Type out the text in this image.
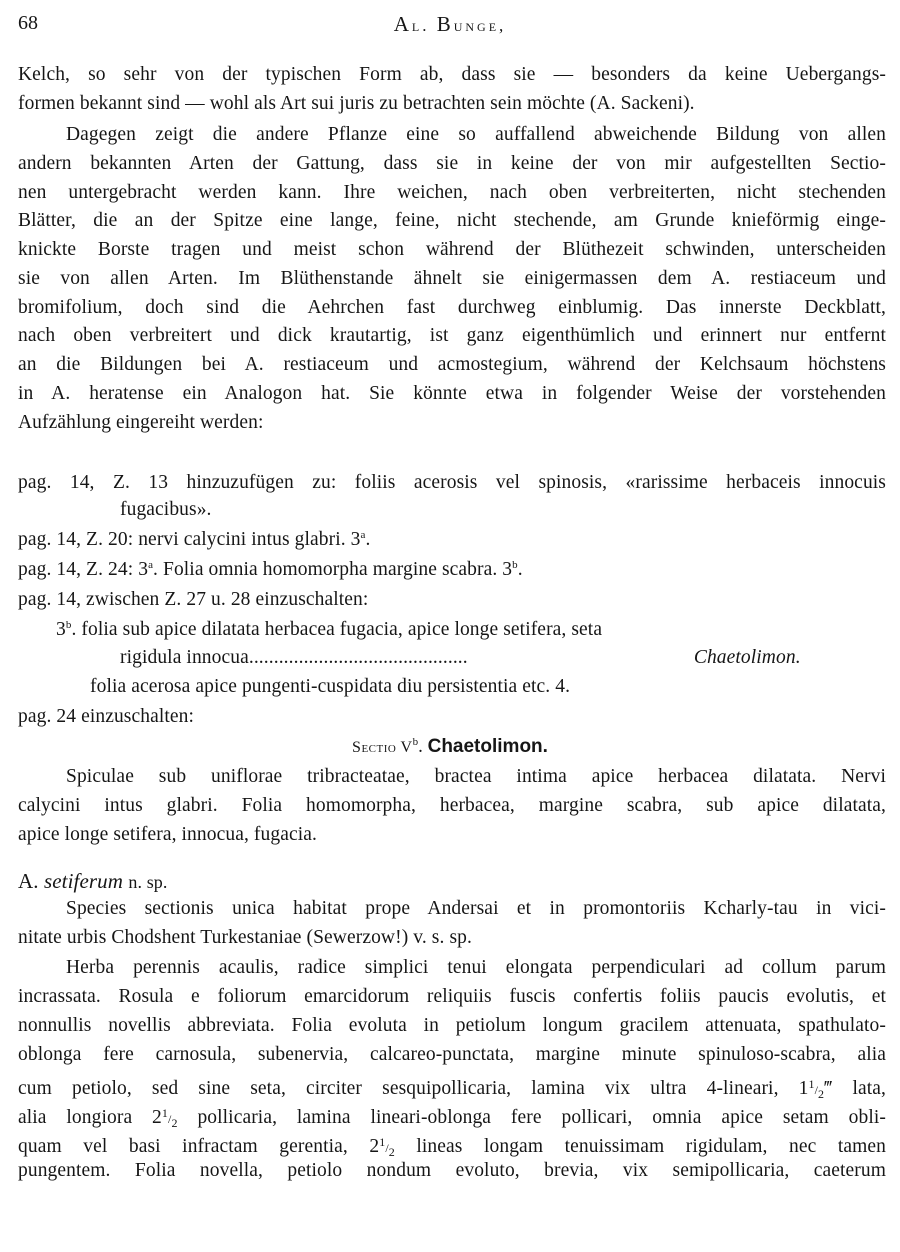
68	Al. Bunge,
Kelch, so sehr von der typischen Form ab, dass sie — besonders da keine Uebergangs-
formen bekannt sind — wohl als Art sui juris zu betrachten sein möchte (A. Sackeni).
Dagegen zeigt die andere Pflanze eine so auffallend abweichende Bildung von allen
andern bekannten Arten der Gattung, dass sie in keine der von mir aufgestellten Sectio-
nen untergebracht werden kann. Ihre weichen, nach oben verbreiterten, nicht stechenden
Blätter, die an der Spitze eine lange, feine, nicht stechende, am Grunde knieförmig einge-
knickte Borste tragen und meist schon während der Blüthezeit schwinden, unterscheiden
sie von allen Arten. Im Blüthenstande ähnelt sie einigermassen dem A. restiaceum und
bromifolium, doch sind die Aehrchen fast durchweg einblumig. Das innerste Deckblatt,
nach oben verbreitert und dick krautartig, ist ganz eigenthümlich und erinnert nur entfernt
an die Bildungen bei A. restiaceum und acmostegium, während der Kelchsaum höchstens
in A. heratense ein Analogon hat. Sie könnte etwa in folgender Weise der vorstehenden
Aufzählung eingereiht werden:
pag. 14, Z. 13 hinzuzufügen zu: foliis acerosis vel spinosis, «rarissime herbaceis innocuis
fugacibus».
pag. 14, Z. 20: nervi calycini intus glabri. 3$^a$.
pag. 14, Z. 24: 3$^a$. Folia omnia homomorpha margine scabra. 3$^b$.
pag. 14, zwischen Z. 27 u. 28 einzuschalten:
3$^b$. folia sub apice dilatata herbacea fugacia, apice longe setifera, seta
rigidula innocua............................................	Chaetolimon.
folia acerosa apice pungenti-cuspidata diu persistentia etc. 4.
pag. 24 einzuschalten:
Sectio $V^b$. Chaetolimon.
Spiculae sub uniflorae tribracteatae, bractea intima apice herbacea dilatata. Nervi
calycini intus glabri. Folia homomorpha, herbacea, margine scabra, sub apice dilatata,
apice longe setifera, innocua, fugacia.
A. setiferum n. sp.
Species sectionis unica habitat prope Andersai et in promontoriis Kcharly-tau in vici-
nitate urbis Chodshent Turkestaniae (Sewerzow!) v. s. sp.
Herba perennis acaulis, radice simplici tenui elongata perpendiculari ad collum parum
incrassata. Rosula e foliorum emarcidorum reliquiis fuscis confertis foliis paucis evolutis, et
nonnullis novellis abbreviata. Folia evoluta in petiolum longum gracilem attenuata, spathulato-
oblonga fere carnosula, subenervia, calcareo-punctata, margine minute spinuloso-scabra, alia
cum petiolo, sed sine seta, circiter sesquipollicaria, lamina vix ultra 4-lineari, 11/2‴ lata,
alia longiora 21/2 pollicaria, lamina lineari-oblonga fere pollicari, omnia apice setam obli-
quam vel basi infractam gerentia, 21/2 lineas longam tenuissimam rigidulam, nec tamen
pungentem. Folia novella, petiolo nondum evoluto, brevia, vix semipollicaria, caeterum
